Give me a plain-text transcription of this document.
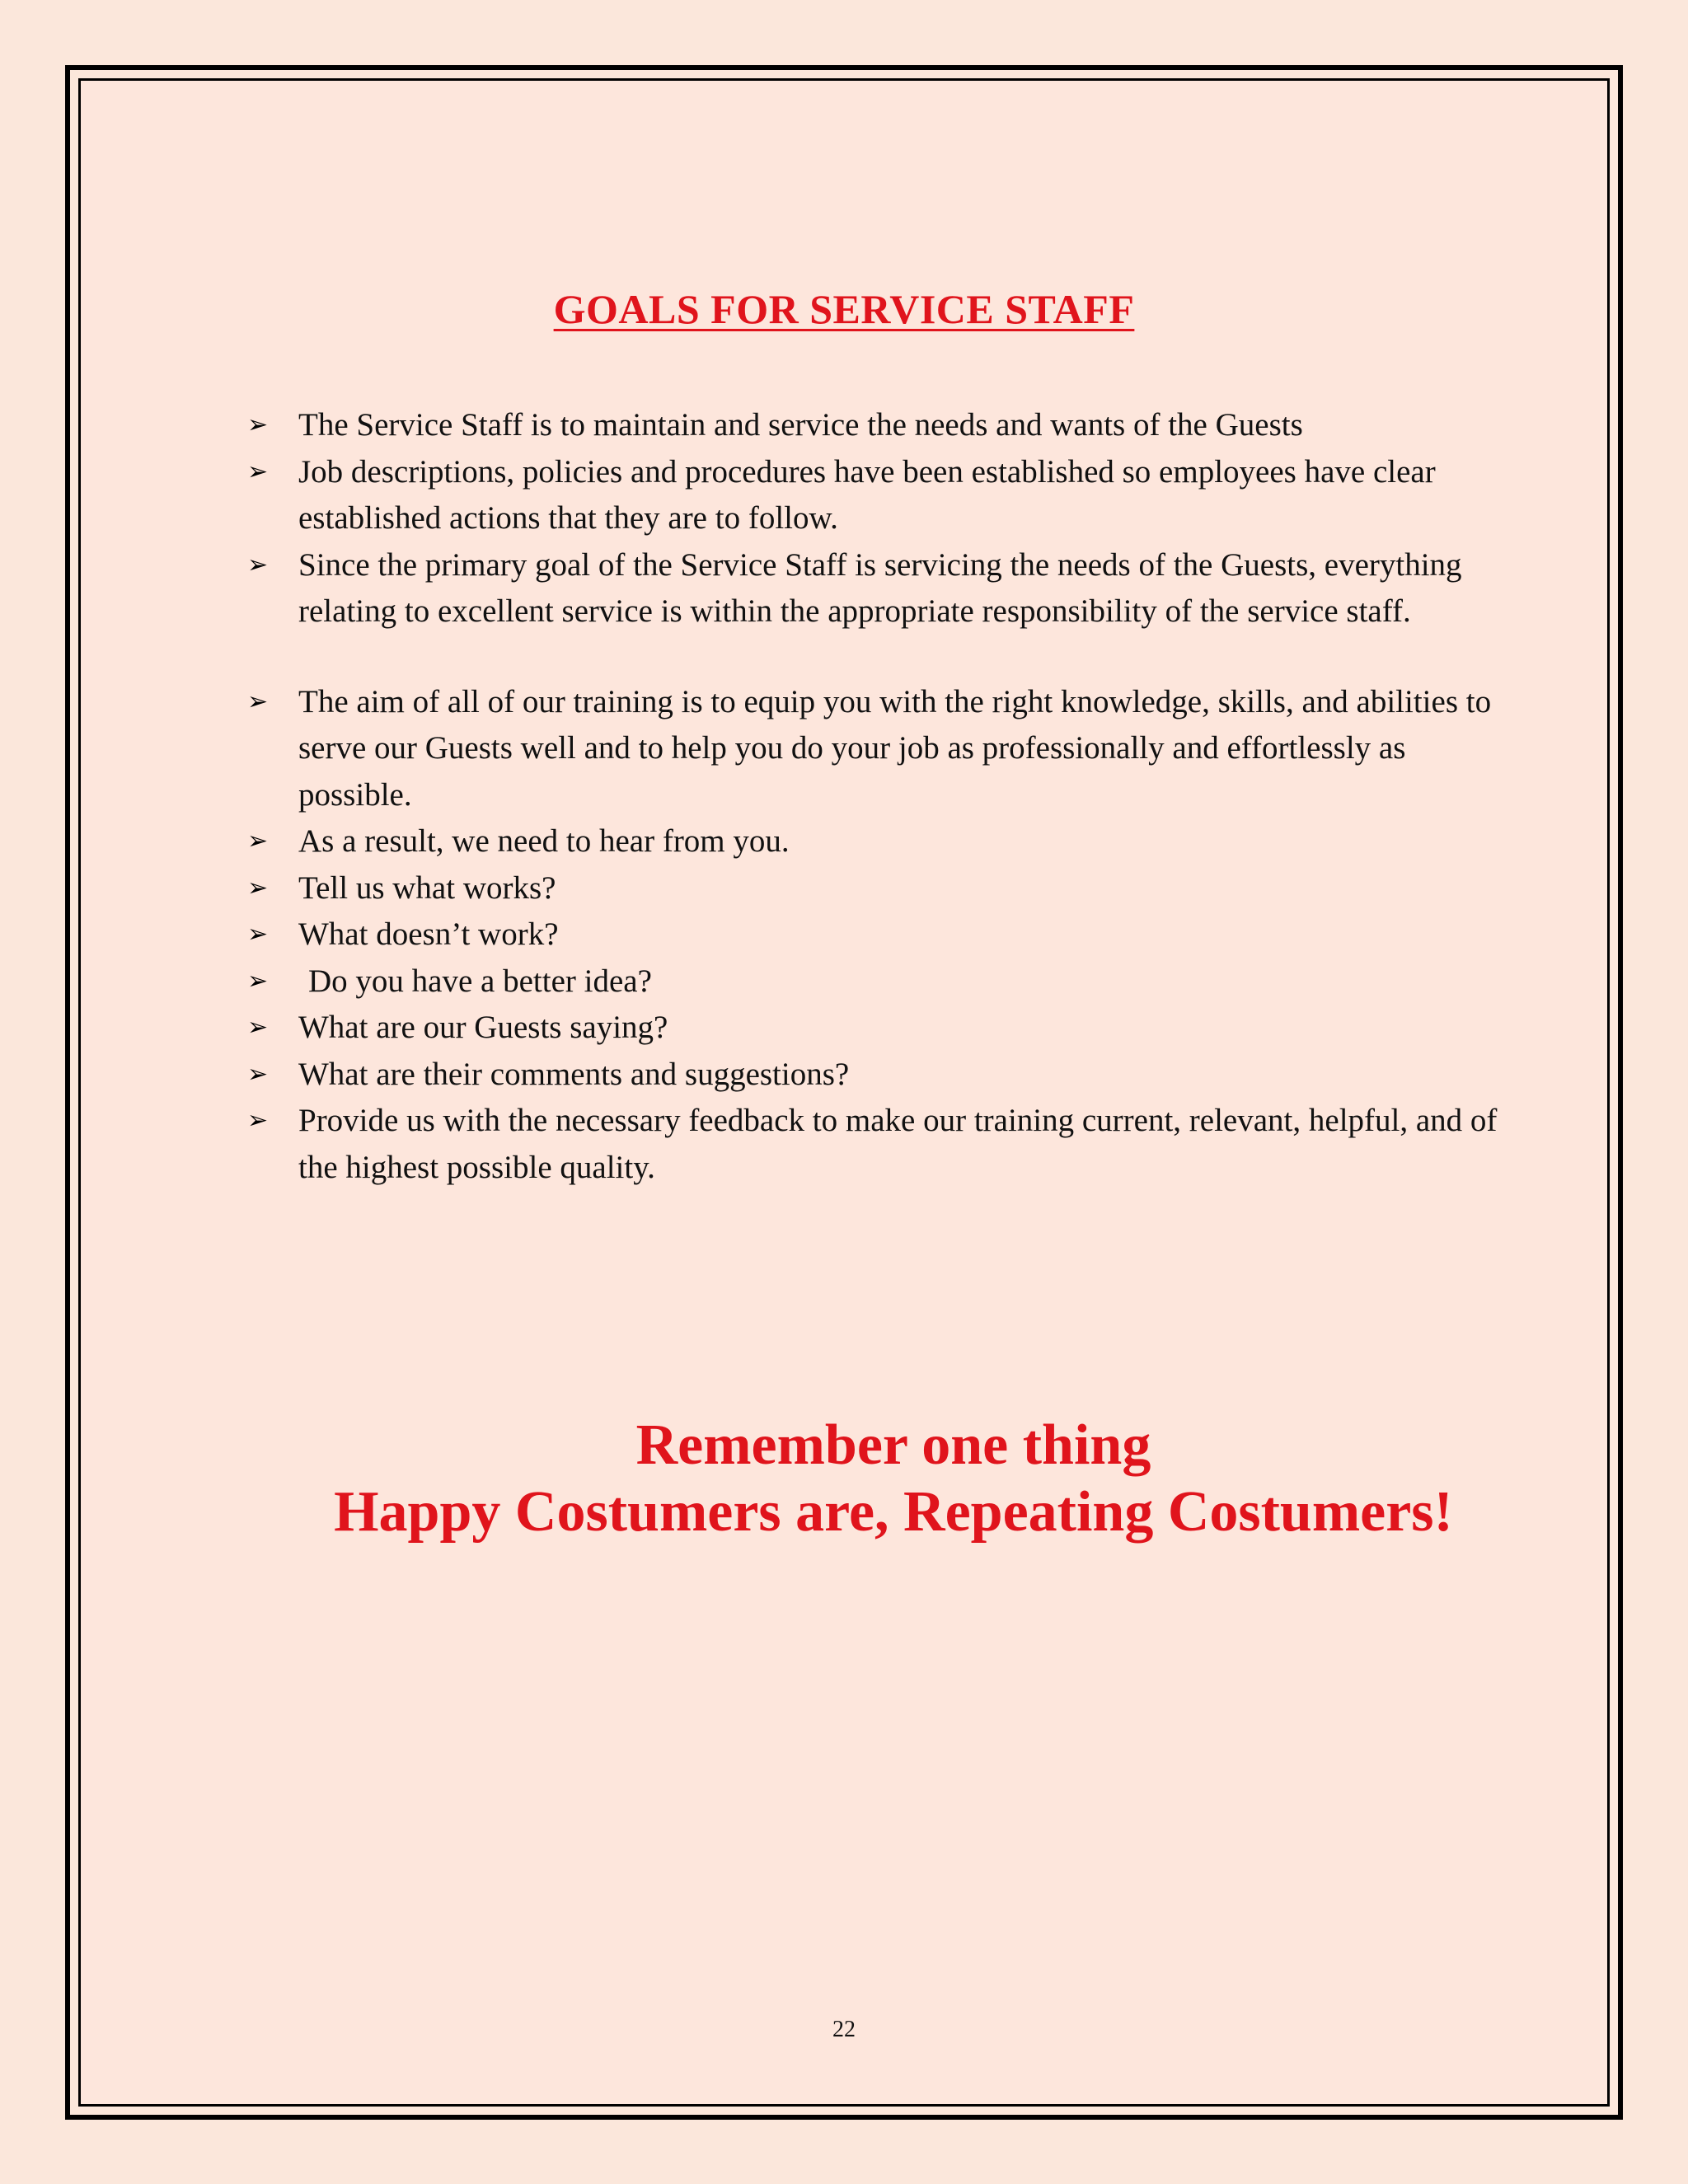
GOALS FOR SERVICE STAFF
➢ The Service Staff is to maintain and service the needs and wants of the Guests
➢ Job descriptions, policies and procedures have been established so employees have clear established actions that they are to follow.
➢ Since the primary goal of the Service Staff is servicing the needs of the Guests, everything relating to excellent service is within the appropriate responsibility of the service staff.
➢ The aim of all of our training is to equip you with the right knowledge, skills, and abilities to serve our Guests well and to help you do your job as professionally and effortlessly as possible.
➢ As a result, we need to hear from you.
➢ Tell us what works?
➢ What doesn’t work?
➢ Do you have a better idea?
➢ What are our Guests saying?
➢ What are their comments and suggestions?
➢ Provide us with the necessary feedback to make our training current, relevant, helpful, and of the highest possible quality.
Remember one thing
Happy Costumers are, Repeating Costumers!
22
